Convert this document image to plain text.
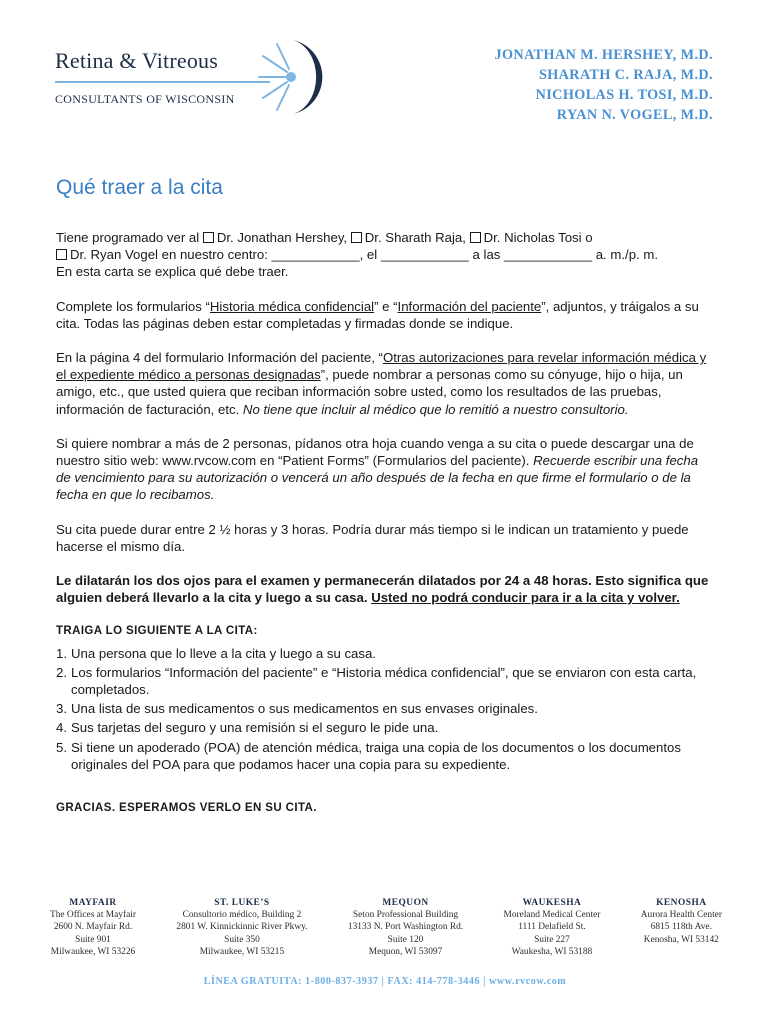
Retina & Vitreous
CONSULTANTS OF WISCONSIN
JONATHAN M. HERSHEY, M.D.
SHARATH C. RAJA, M.D.
NICHOLAS H. TOSI, M.D.
RYAN N. VOGEL, M.D.
Qué traer a la cita

Tiene programado ver al Dr. Jonathan Hershey, Dr. Sharath Raja, Dr. Nicholas Tosi o
Dr. Ryan Vogel en nuestro centro: ____________, el ____________ a las ____________ a. m./p. m.
En esta carta se explica qué debe traer.

Complete los formularios “Historia médica confidencial” e “Información del paciente”, adjuntos, y tráigalos a su cita. Todas las páginas deben estar completadas y firmadas donde se indique.

En la página 4 del formulario Información del paciente, “Otras autorizaciones para revelar información médica y el expediente médico a personas designadas”, puede nombrar a personas como su cónyuge, hijo o hija, un amigo, etc., que usted quiera que reciban información sobre usted, como los resultados de las pruebas, información de facturación, etc. No tiene que incluir al médico que lo remitió a nuestro consultorio.

Si quiere nombrar a más de 2 personas, pídanos otra hoja cuando venga a su cita o puede descargar una de nuestro sitio web: www.rvcow.com en “Patient Forms” (Formularios del paciente). Recuerde escribir una fecha de vencimiento para su autorización o vencerá un año después de la fecha en que firme el formulario o de la fecha en que lo recibamos.

Su cita puede durar entre 2 ½ horas y 3 horas. Podría durar más tiempo si le indican un tratamiento y puede hacerse el mismo día.

Le dilatarán los dos ojos para el examen y permanecerán dilatados por 24 a 48 horas. Esto significa que alguien deberá llevarlo a la cita y luego a su casa. Usted no podrá conducir para ir a la cita y volver.

TRAIGA LO SIGUIENTE A LA CITA:
1. Una persona que lo lleve a la cita y luego a su casa.
2. Los formularios “Información del paciente” e “Historia médica confidencial”, que se enviaron con esta carta, completados.
3. Una lista de sus medicamentos o sus medicamentos en sus envases originales.
4. Sus tarjetas del seguro y una remisión si el seguro le pide una.
5. Si tiene un apoderado (POA) de atención médica, traiga una copia de los documentos o los documentos originales del POA para que podamos hacer una copia para su expediente.
GRACIAS. ESPERAMOS VERLO EN SU CITA.
MAYFAIR
The Offices at Mayfair
2600 N. Mayfair Rd.
Suite 901
Milwaukee, WI 53226
ST. LUKE’S
Consultorio médico, Building 2
2801 W. Kinnickinnic River Pkwy.
Suite 350
Milwaukee, WI 53215
MEQUON
Seton Professional Building
13133 N. Port Washington Rd.
Suite 120
Mequon, WI 53097
WAUKESHA
Moreland Medical Center
1111 Delafield St.
Suite 227
Waukesha, WI 53188
KENOSHA
Aurora Health Center
6815 118th Ave.
Kenosha, WI 53142
LÍNEA GRATUITA: 1-800-837-3937 | FAX: 414-778-3446 | www.rvcow.com
